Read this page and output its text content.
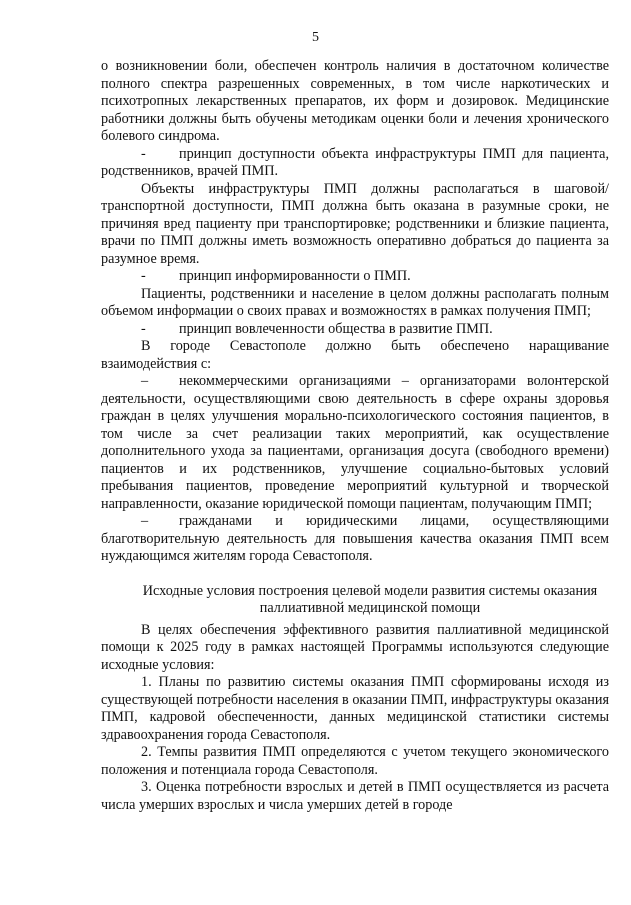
5

о возникновении боли, обеспечен контроль наличия в достаточном количестве полного спектра разрешенных современных, в том числе наркотических и психотропных лекарственных препаратов, их форм и дозировок. Медицинские работники должны быть обучены методикам оценки боли и лечения хронического болевого синдрома.

- принцип доступности объекта инфраструктуры ПМП для пациента, родственников, врачей ПМП.

Объекты инфраструктуры ПМП должны располагаться в шаговой/транспортной доступности, ПМП должна быть оказана в разумные сроки, не причиняя вред пациенту при транспортировке; родственники и близкие пациента, врачи по ПМП должны иметь возможность оперативно добраться до пациента за разумное время.

- принцип информированности о ПМП.

Пациенты, родственники и население в целом должны располагать полным объемом информации о своих правах и возможностях в рамках получения ПМП;

- принцип вовлеченности общества в развитие ПМП.

В городе Севастополе должно быть обеспечено наращивание взаимодействия с:

– некоммерческими организациями – организаторами волонтерской деятельности, осуществляющими свою деятельность в сфере охраны здоровья граждан в целях улучшения морально-психологического состояния пациентов, в том числе за счет реализации таких мероприятий, как осуществление дополнительного ухода за пациентами, организация досуга (свободного времени) пациентов и их родственников, улучшение социально-бытовых условий пребывания пациентов, проведение мероприятий культурной и творческой направленности, оказание юридической помощи пациентам, получающим ПМП;

– гражданами и юридическими лицами, осуществляющими благотворительную деятельность для повышения качества оказания ПМП всем нуждающимся жителям города Севастополя.

Исходные условия построения целевой модели развития системы оказания паллиативной медицинской помощи

В целях обеспечения эффективного развития паллиативной медицинской помощи к 2025 году в рамках настоящей Программы используются следующие исходные условия:

1. Планы по развитию системы оказания ПМП сформированы исходя из существующей потребности населения в оказании ПМП, инфраструктуры оказания ПМП, кадровой обеспеченности, данных медицинской статистики системы здравоохранения города Севастополя.

2. Темпы развития ПМП определяются с учетом текущего экономического положения и потенциала города Севастополя.

3. Оценка потребности взрослых и детей в ПМП осуществляется из расчета числа умерших взрослых и числа умерших детей в городе
